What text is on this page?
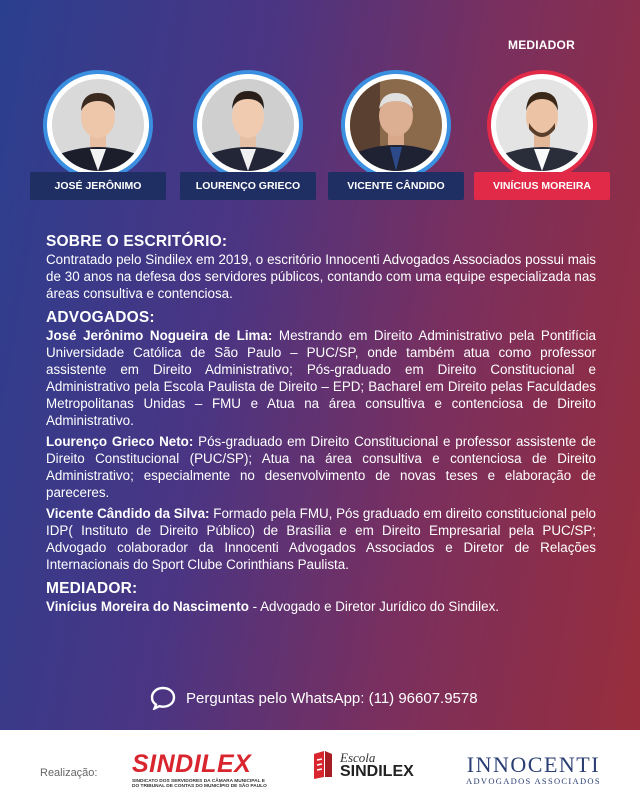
MEDIADOR
JOSÉ JERÔNIMO	LOURENÇO GRIECO	VICENTE CÂNDIDO	VINÍCIUS MOREIRA
SOBRE O ESCRITÓRIO:

Contratado pelo Sindilex em 2019, o escritório Innocenti Advogados Associados possui mais de 30 anos na defesa dos servidores públicos, contando com uma equipe especializada nas áreas consultiva e contenciosa.

ADVOGADOS:

José Jerônimo Nogueira de Lima: Mestrando em Direito Administrativo pela Pontifícia Universidade Católica de São Paulo – PUC/SP, onde também atua como professor assistente em Direito Administrativo; Pós-graduado em Direito Constitucional e Administrativo pela Escola Paulista de Direito – EPD; Bacharel em Direito pelas Faculdades Metropolitanas Unidas – FMU e Atua na área consultiva e contenciosa de Direito Administrativo.

Lourenço Grieco Neto: Pós-graduado em Direito Constitucional e professor assistente de Direito Constitucional (PUC/SP); Atua na área consultiva e contenciosa de Direito Administrativo; especialmente no desenvolvimento de novas teses e elaboração de pareceres.

Vicente Cândido da Silva: Formado pela FMU, Pós graduado em direito constitucional pelo IDP( Instituto de Direito Público) de Brasília e em Direito Empresarial pela PUC/SP; Advogado colaborador da Innocenti Advogados Associados e Diretor de Relações Internacionais do Sport Clube Corinthians Paulista.

MEDIADOR:

Vinícius Moreira do Nascimento - Advogado e Diretor Jurídico do Sindilex.

Perguntas pelo WhatsApp: (11) 96607.9578
Realização: SINDILEX
SINDICATO DOS SERVIDORES DA CÂMARA MUNICIPAL E DO TRIBUNAL DE CONTAS DO MUNICÍPIO DE SÃO PAULO
Escola
SINDILEX INNOCENTI
ADVOGADOS ASSOCIADOS
